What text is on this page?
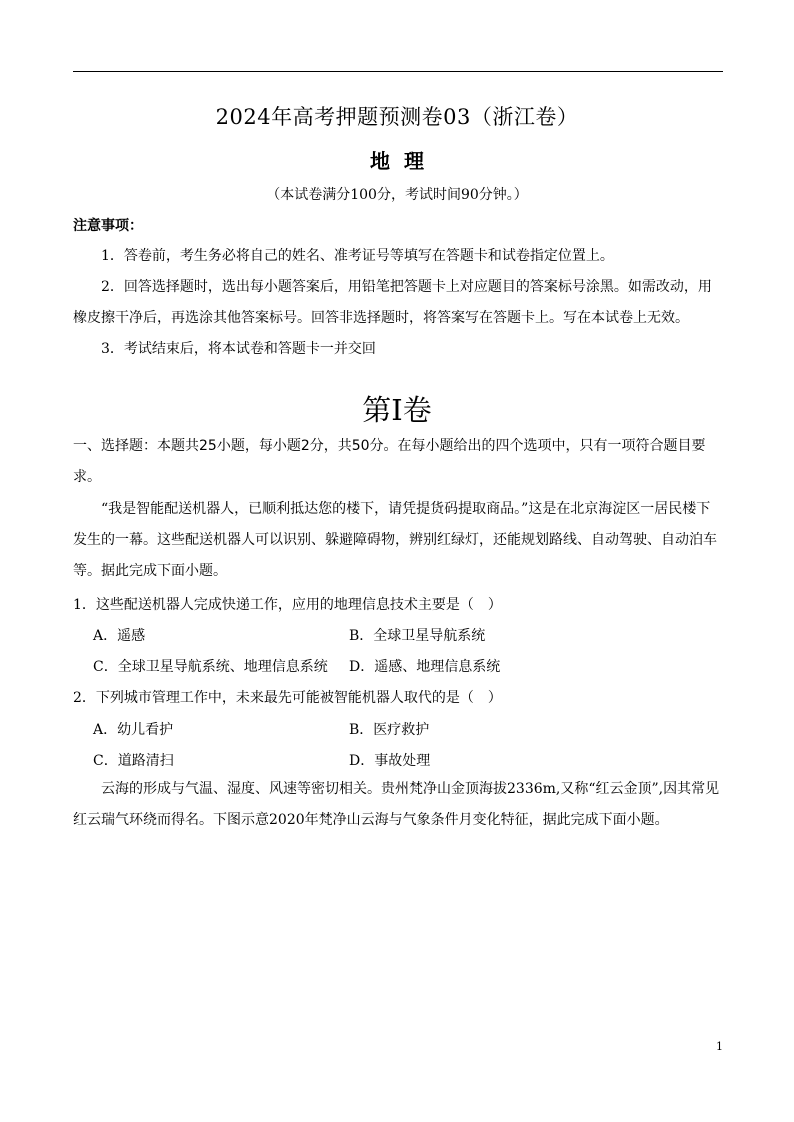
2024年高考押题预测卷03（浙江卷）
地理
（本试卷满分100分，考试时间90分钟。）
注意事项：
1．答卷前，考生务必将自己的姓名、准考证号等填写在答题卡和试卷指定位置上。
2．回答选择题时，选出每小题答案后，用铅笔把答题卡上对应题目的答案标号涂黑。如需改动，用橡皮擦干净后，再选涂其他答案标号。回答非选择题时，将答案写在答题卡上。写在本试卷上无效。
3．考试结束后，将本试卷和答题卡一并交回
第I卷
一、选择题：本题共25小题，每小题2分，共50分。在每小题给出的四个选项中，只有一项符合题目要求。
“我是智能配送机器人，已顺利抵达您的楼下，请凭提货码提取商品。”这是在北京海淀区一居民楼下发生的一幕。这些配送机器人可以识别、躲避障碍物，辨别红绿灯，还能规划路线、自动驾驶、自动泊车等。据此完成下面小题。
1．这些配送机器人完成快递工作，应用的地理信息技术主要是（　）
A．遥感	B．全球卫星导航系统
C．全球卫星导航系统、地理信息系统 D．遥感、地理信息系统
2．下列城市管理工作中，未来最先可能被智能机器人取代的是（　）
A．幼儿看护	B．医疗救护
C．道路清扫	D．事故处理
云海的形成与气温、湿度、风速等密切相关。贵州梵净山金顶海拔2336m,又称“红云金顶”,因其常见红云瑞气环绕而得名。下图示意2020年梵净山云海与气象条件月变化特征，据此完成下面小题。
1
